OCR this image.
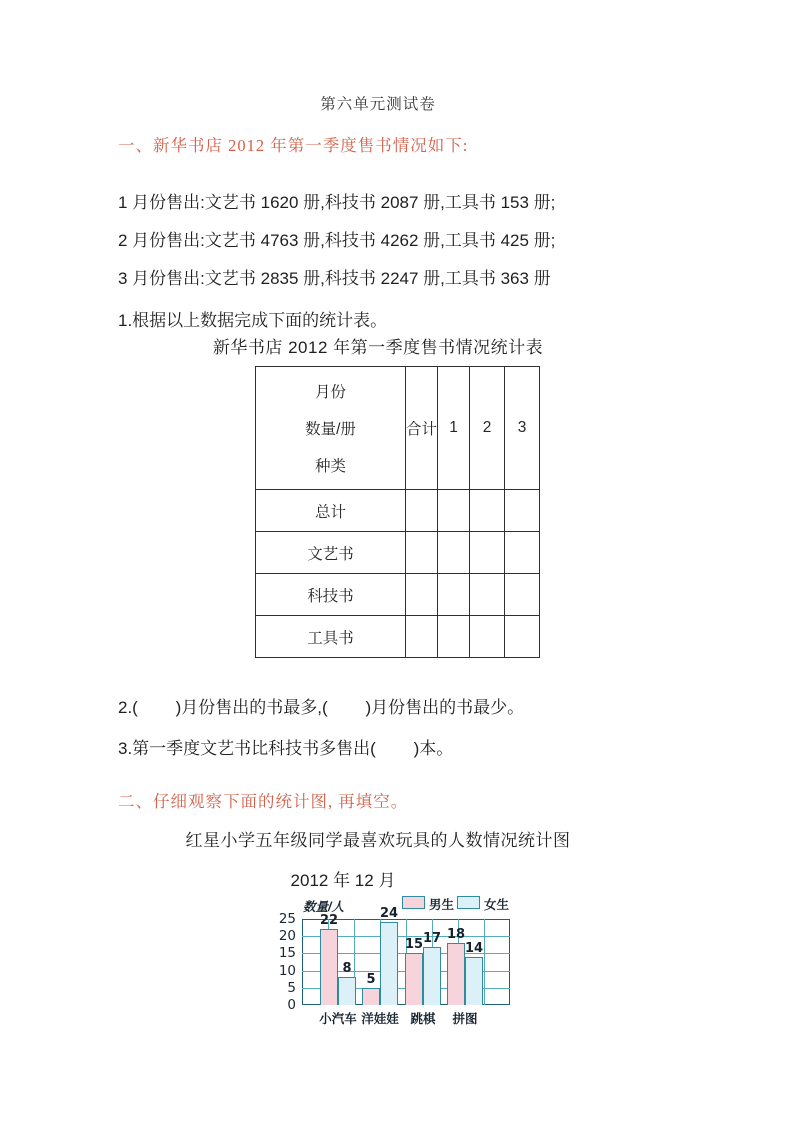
第六单元测试卷
一、新华书店 2012 年第一季度售书情况如下:

1 月份售出:文艺书 1620 册,科技书 2087 册,工具书 153 册;

2 月份售出:文艺书 4763 册,科技书 4262 册,工具书 425 册;

3 月份售出:文艺书 2835 册,科技书 2247 册,工具书 363 册

1.根据以上数据完成下面的统计表。

新华书店 2012 年第一季度售书情况统计表
月份
数量/册
种类	合计	1	2	3
总计				
文艺书				
科技书				
工具书				

2.(        )月份售出的书最多,(        )月份售出的书最少。

3.第一季度文艺书比科技书多售出(        )本。

二、仔细观察下面的统计图, 再填空。
红星小学五年级同学最喜欢玩具的人数情况统计图
2012 年 12 月
0
5
10
15
20
25
数量/人	男生 女生
22
8
小汽车
5
24
洋娃娃
15 17
跳棋
18
14
拼图
